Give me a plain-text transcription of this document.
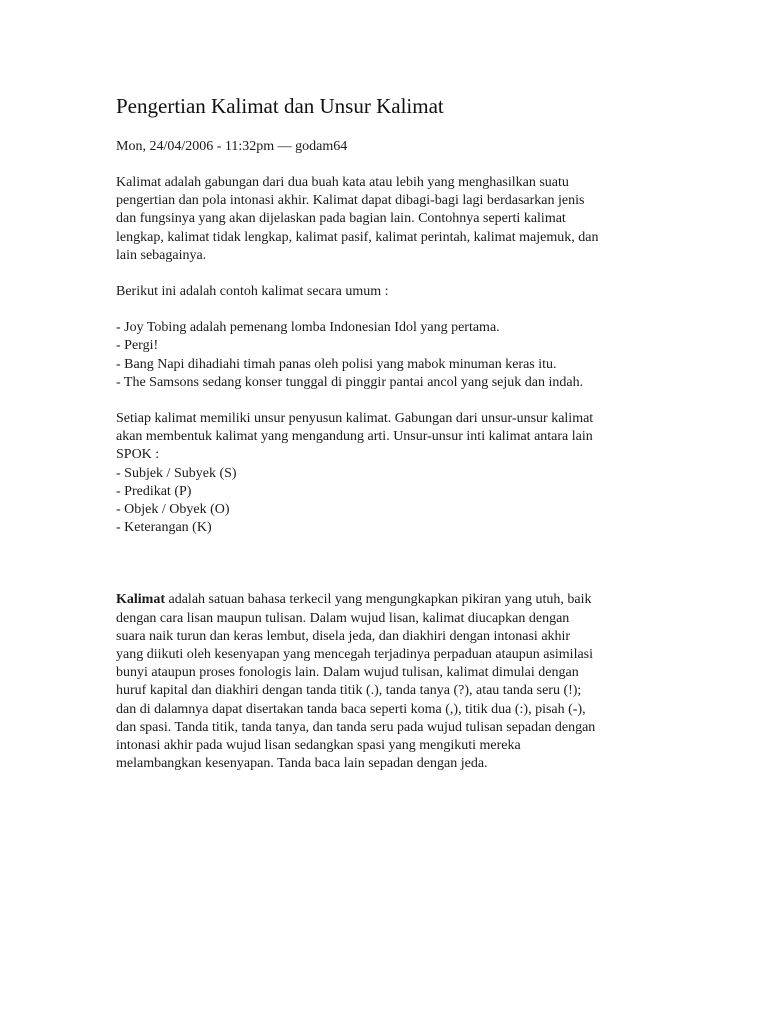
Pengertian Kalimat dan Unsur Kalimat
Mon, 24/04/2006 - 11:32pm — godam64

Kalimat adalah gabungan dari dua buah kata atau lebih yang menghasilkan suatu
pengertian dan pola intonasi akhir. Kalimat dapat dibagi-bagi lagi berdasarkan jenis
dan fungsinya yang akan dijelaskan pada bagian lain. Contohnya seperti kalimat
lengkap, kalimat tidak lengkap, kalimat pasif, kalimat perintah, kalimat majemuk, dan
lain sebagainya.

Berikut ini adalah contoh kalimat secara umum :

- Joy Tobing adalah pemenang lomba Indonesian Idol yang pertama.
- Pergi!
- Bang Napi dihadiahi timah panas oleh polisi yang mabok minuman keras itu.
- The Samsons sedang konser tunggal di pinggir pantai ancol yang sejuk dan indah.

Setiap kalimat memiliki unsur penyusun kalimat. Gabungan dari unsur-unsur kalimat
akan membentuk kalimat yang mengandung arti. Unsur-unsur inti kalimat antara lain
SPOK :
- Subjek / Subyek (S)
- Predikat (P)
- Objek / Obyek (O)
- Keterangan (K)

Kalimat adalah satuan bahasa terkecil yang mengungkapkan pikiran yang utuh, baik
dengan cara lisan maupun tulisan. Dalam wujud lisan, kalimat diucapkan dengan
suara naik turun dan keras lembut, disela jeda, dan diakhiri dengan intonasi akhir
yang diikuti oleh kesenyapan yang mencegah terjadinya perpaduan ataupun asimilasi
bunyi ataupun proses fonologis lain. Dalam wujud tulisan, kalimat dimulai dengan
huruf kapital dan diakhiri dengan tanda titik (.), tanda tanya (?), atau tanda seru (!);
dan di dalamnya dapat disertakan tanda baca seperti koma (,), titik dua (:), pisah (-),
dan spasi. Tanda titik, tanda tanya, dan tanda seru pada wujud tulisan sepadan dengan
intonasi akhir pada wujud lisan sedangkan spasi yang mengikuti mereka
melambangkan kesenyapan. Tanda baca lain sepadan dengan jeda.
